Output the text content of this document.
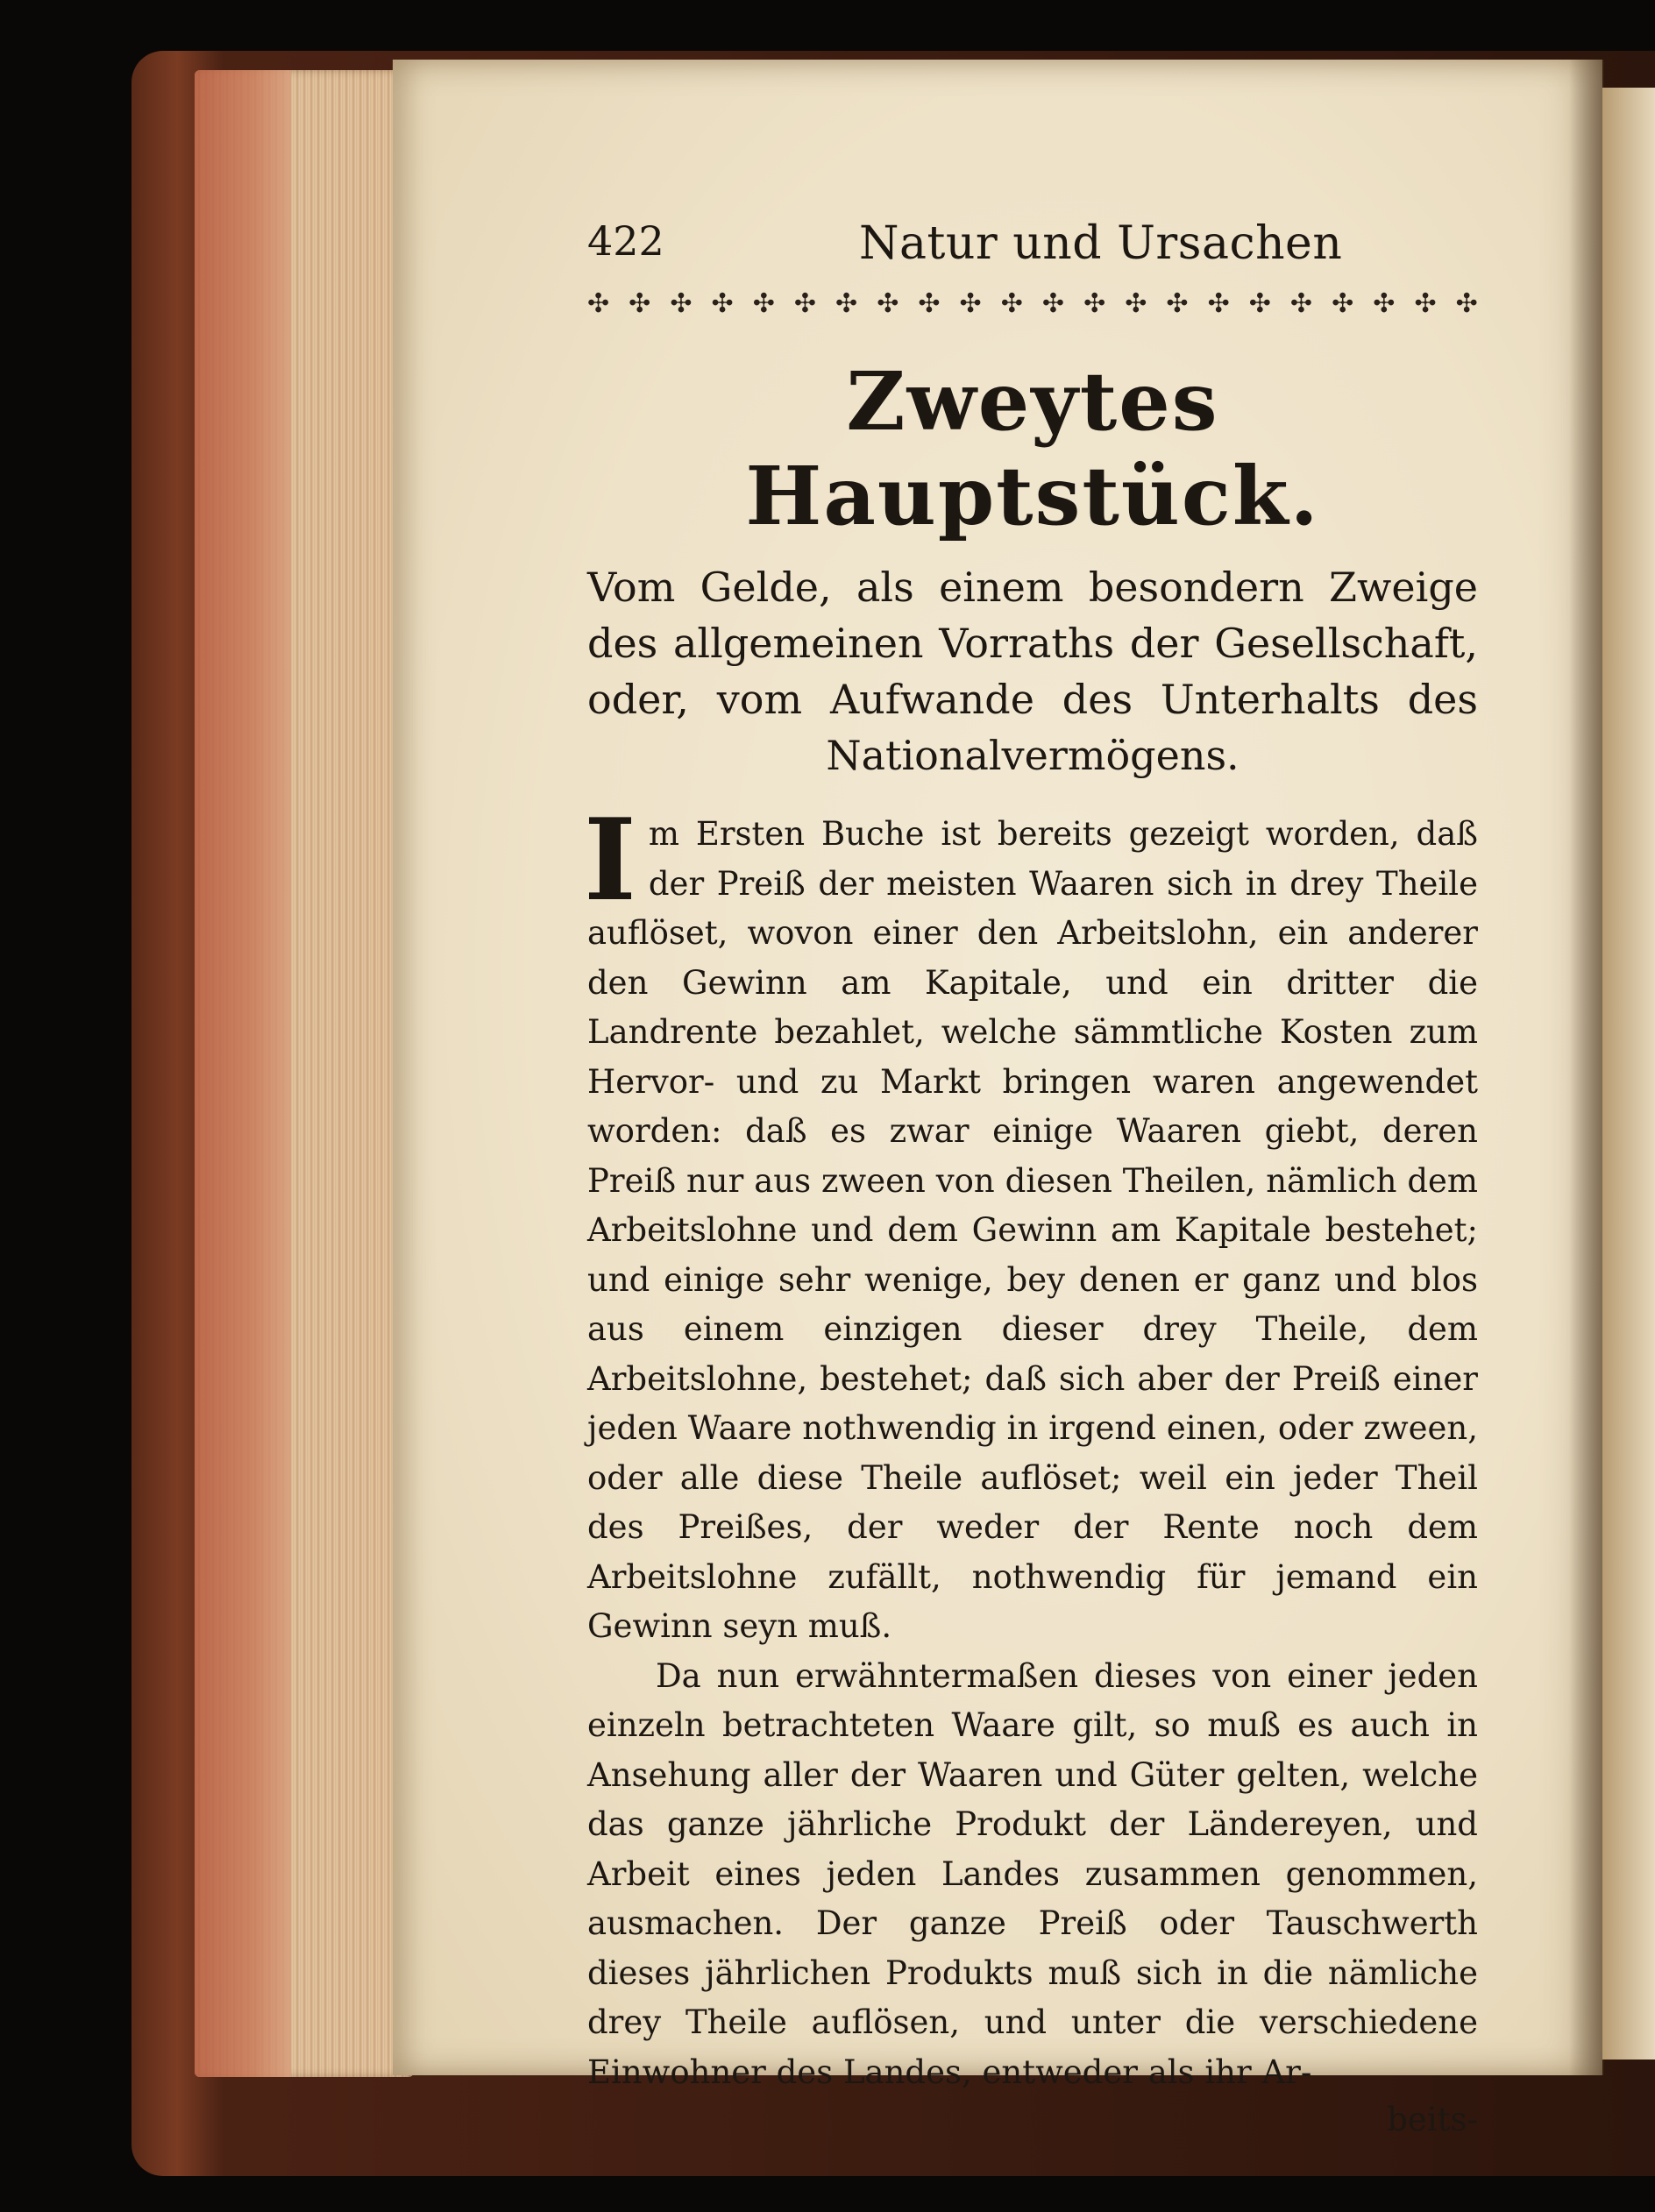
422	Natur und Ursachen
✣ ✣ ✣ ✣ ✣ ✣ ✣ ✣ ✣ ✣ ✣ ✣ ✣ ✣ ✣ ✣ ✣ ✣ ✣ ✣ ✣ ✣
Zweytes Hauptstück.
Vom Gelde, als einem besondern Zweige des allgemeinen Vorraths der Gesellschaft, oder, vom Aufwande des Unterhalts des Nationalvermögens.

Im Ersten Buche ist bereits gezeigt worden, daß der Preiß der meisten Waaren sich in drey Theile auflöset, wovon einer den Arbeitslohn, ein anderer den Gewinn am Kapitale, und ein dritter die Landrente bezahlet, welche sämmtliche Kosten zum Hervor- und zu Markt bringen waren angewendet worden: daß es zwar einige Waaren giebt, deren Preiß nur aus zween von diesen Theilen, nämlich dem Arbeitslohne und dem Gewinn am Kapitale bestehet; und einige sehr wenige, bey denen er ganz und blos aus einem einzigen dieser drey Theile, dem Arbeitslohne, bestehet; daß sich aber der Preiß einer jeden Waare nothwendig in irgend einen, oder zween, oder alle diese Theile auflöset; weil ein jeder Theil des Preißes, der weder der Rente noch dem Arbeitslohne zufällt, nothwendig für jemand ein Gewinn seyn muß.

Da nun erwähntermaßen dieses von einer jeden einzeln betrachteten Waare gilt, so muß es auch in Ansehung aller der Waaren und Güter gelten, welche das ganze jährliche Produkt der Ländereyen, und Arbeit eines jeden Landes zusammen genommen, ausmachen. Der ganze Preiß oder Tauschwerth dieses jährlichen Produkts muß sich in die nämliche drey Theile auflösen, und unter die verschiedene Einwohner des Landes, entweder als ihr Ar-

beits-
